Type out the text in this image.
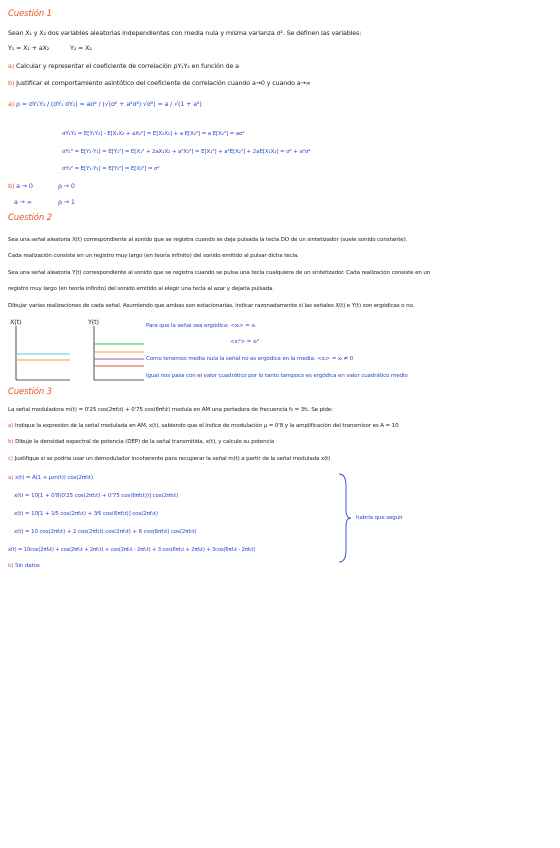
Cuestión 1
Sean X₁ y X₂ dos variables aleatorias independientes con media nula y misma varianza σ². Se definen las variables:
Y₁ = X₁ + aX₂	Y₂ = X₂
a) Calcular y representar el coeficiente de correlación ρY₁Y₂ en función de a
b) Justificar el comportamiento asintótico del coeficiente de correlación cuando a→0 y cuando a→∞
a) ρ = σY₁Y₂ / (σY₁ σY₂) = aσ² / (√(σ² + a²σ²) √σ²) = a / √(1 + a²)
σY₁Y₂ = E[Y₁Y₂] - E[X₁X₂ + aX₂²] = E[X₁X₂] + a E[X₂²] = a E[X₂²] = aσ²
σY₁² = E[Y₁·Y₁] = E[Y₁²] = E[X₁² + 2aX₁X₂ + a²X₂²] = E[X₁²] + a²E[X₂²] + 2aE[X₁X₂] = σ² + a²σ²
σY₂² = E[Y₂·Y₂] = E[Y₂²] = E[X₂²] = σ²
b) a → 0	ρ → 0
a → ∞	ρ → 1
Cuestión 2
Sea una señal aleatoria X(t) correspondiente al sonido que se registra cuando se deja pulsada la tecla DO de un sintetizador (suele sonido constante).
Cada realización consiste en un registro muy largo (en teoría infinito) del sonido emitido al pulsar dicha tecla.
Sea una señal aleatoria Y(t) correspondiente al sonido que se registra cuando se pulsa una tecla cualquiera de un sintetizador. Cada realización consiste en un
registro muy largo (en teoría infinito) del sonido emitido al elegir una tecla al azar y dejarla pulsada.
Dibujar varias realizaciones de cada señal. Asumiendo que ambas son estacionarias, indicar razonadamente si las señales X(t) e Y(t) son ergódicas o no.
X(t)	Y(t)	Para que la señal sea ergódica: <xᵢ> = xᵢ
<xᵢ²> = xᵢ²
Como tenemos media nula la señal no es ergódica en la media: <xᵢ> = xᵢ ≠ 0
Igual nos pasa con el valor cuadrático por lo tanto tampoco es ergódica en valor cuadrático medio
Cuestión 3
La señal moduladora m(t) = 0'25 cos(2πf₁t) + 0'75 cos(6πf₁t) modula en AM una portadora de frecuencia f₀ = 3f₁. Se pide:
a) Indique la expresión de la señal modulada en AM, x(t), sabiendo que el índice de modulación μ = 0'8 y la amplificación del transmisor es A = 10
b) Dibuje la densidad espectral de potencia (DEP) de la señal transmitida, x(t), y calcule su potencia
c) Justifique si se podría usar un demodulador incoherente para recuperar la señal m(t) a partir de la señal modulada x(t)
a) x(t) = A(1 + μm(t)) cos(2πf₀t)
x(t) = 10[1 + 0'8(0'25 cos(2πf₁t) + 0'75 cos(6πf₁t))] cos(2πf₀t)
x(t) = 10[1 + 1⁄5 cos(2πf₁t) + 3⁄5 cos(6πf₁t)] cos(2πf₀t)
x(t) = 10 cos(2πf₀t) + 2 cos(2πf₁t) cos(2πf₀t) + 6 cos(6πf₁t) cos(2πf₀t)
x(t) = 10cos(2πf₀t) + cos(2πf₀t + 2πf₁t) + cos(2πf₀t - 2πf₁t) + 3 cos(6πf₁t + 2πf₀t) + 3cos(6πf₁t - 2πf₀t)
habría que seguir
b) Sin datos
